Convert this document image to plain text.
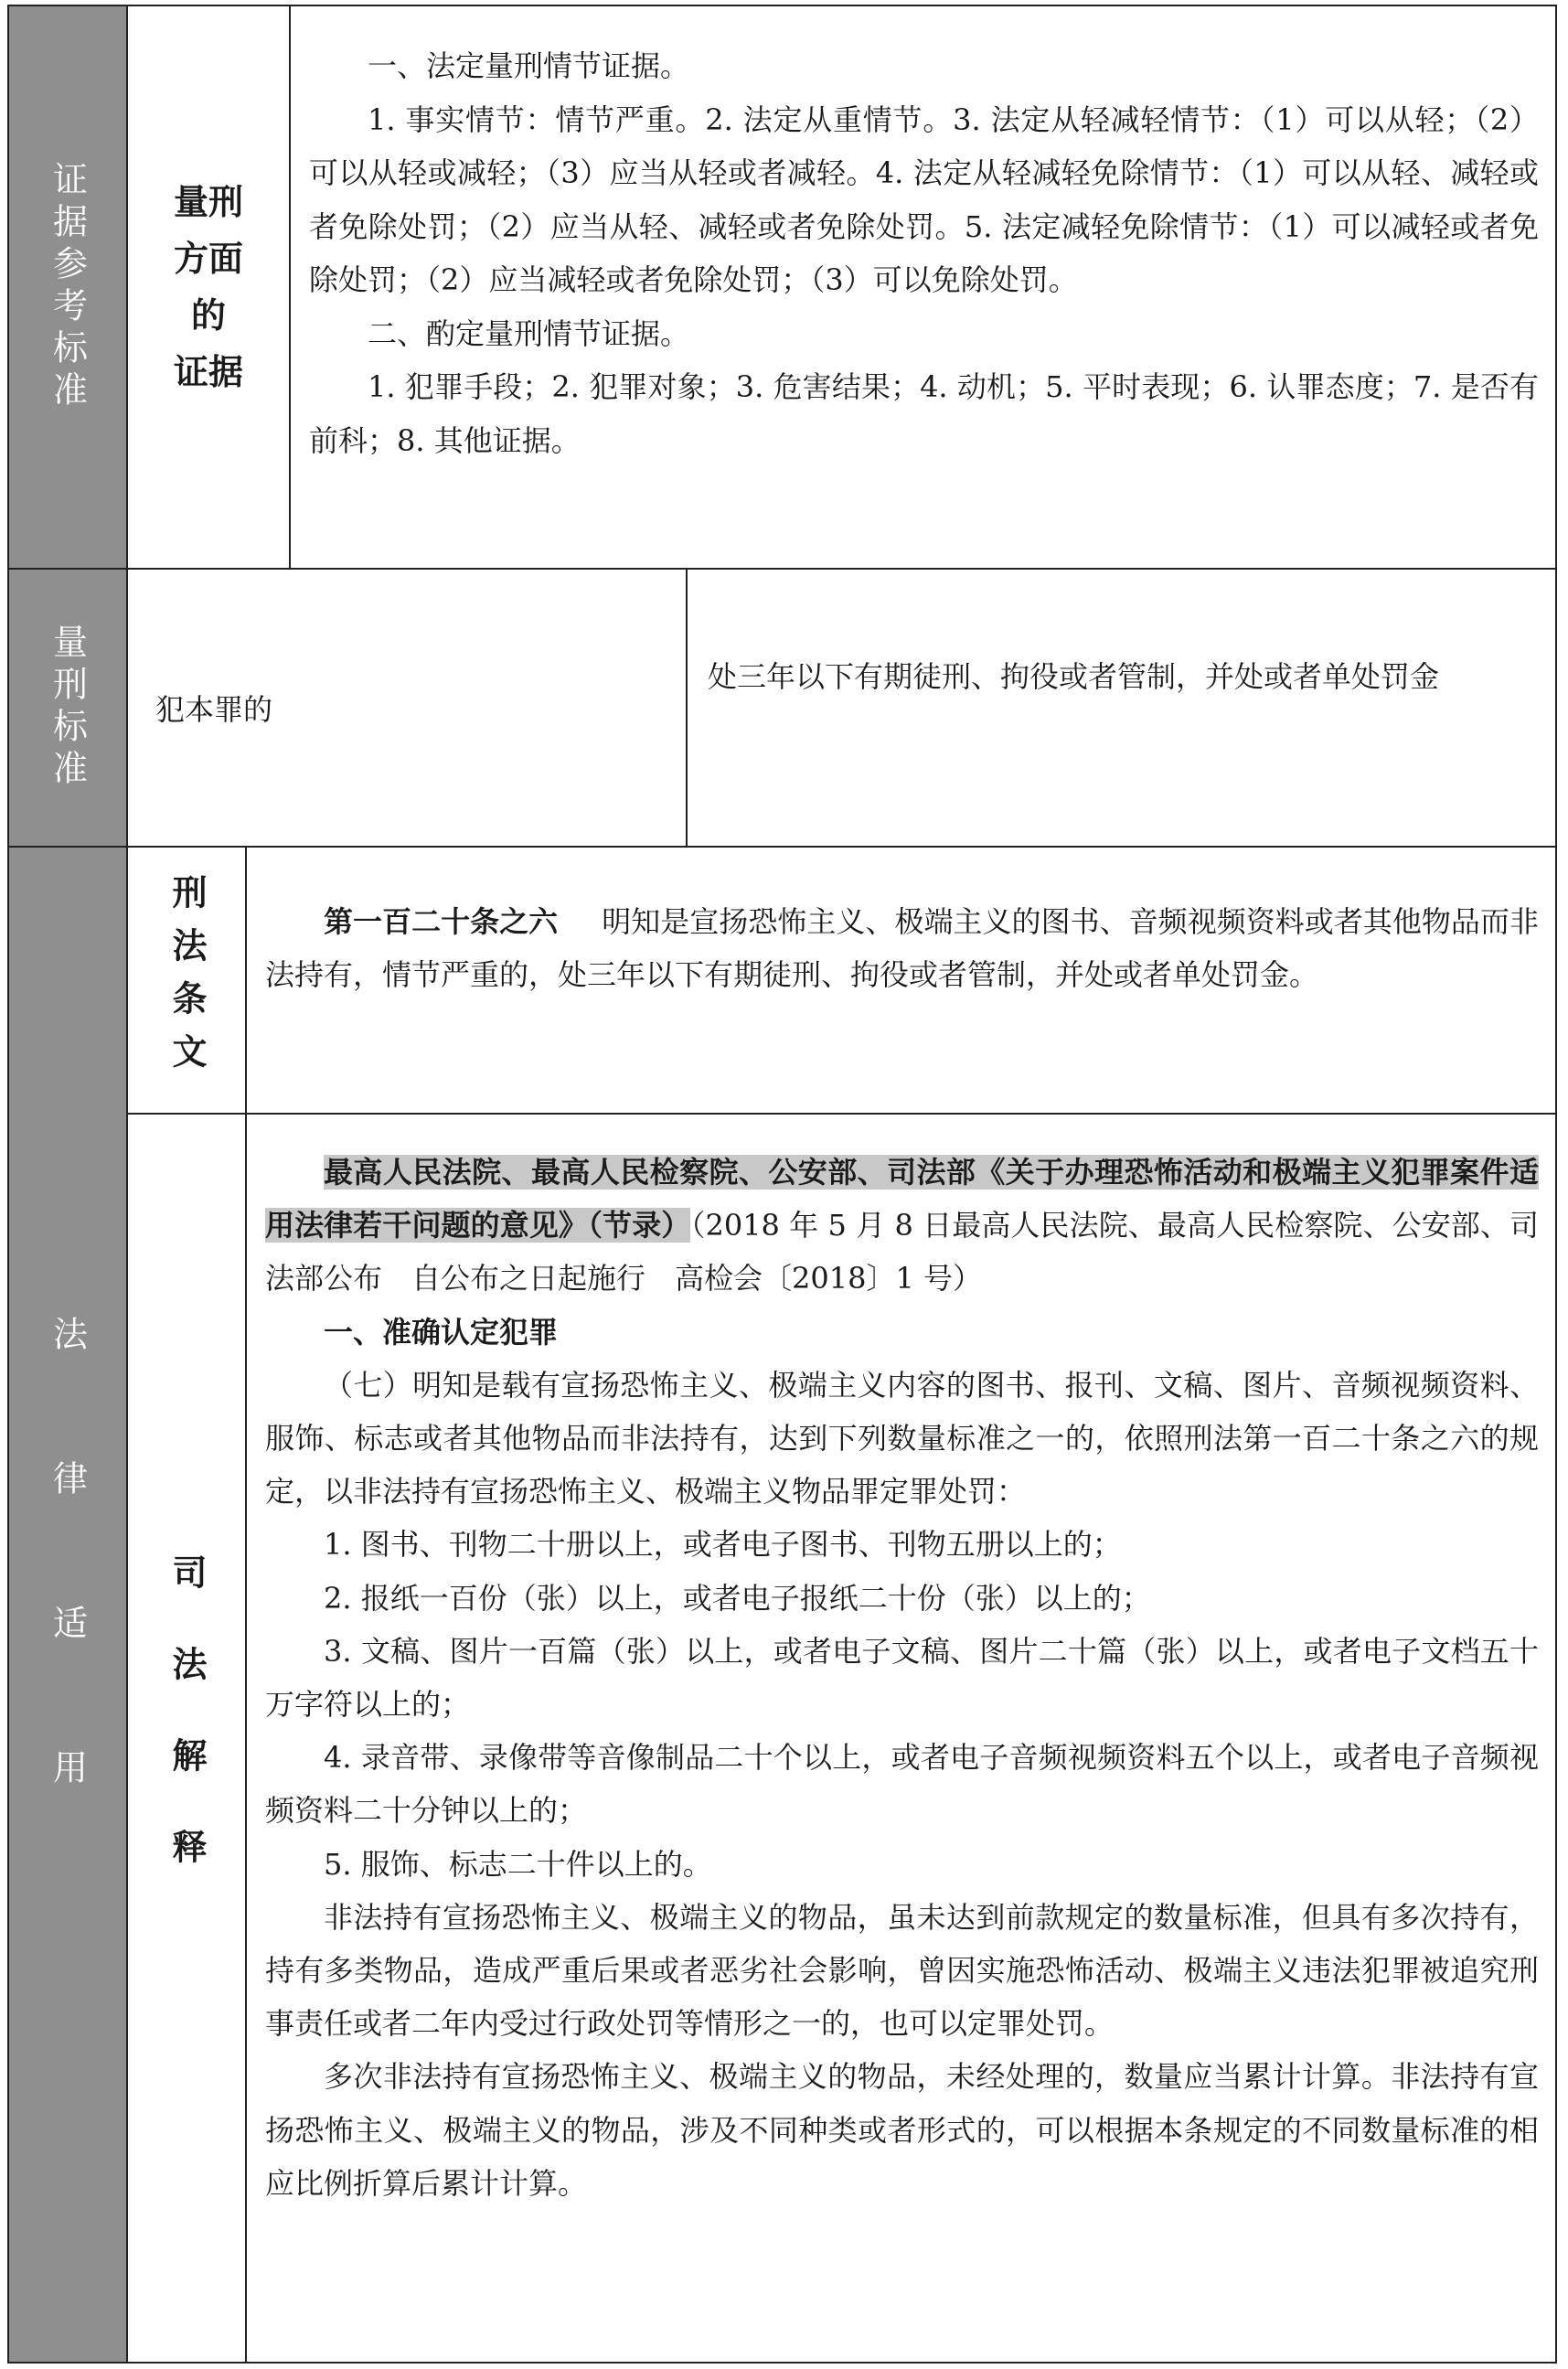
证据参考标准 量刑
方面
的
证据

一、法定量刑情节证据。

1. 事实情节：情节严重。2. 法定从重情节。3. 法定从轻减轻情节：（1）可以从轻；（2）可以从轻或减轻；（3）应当从轻或者减轻。4. 法定从轻减轻免除情节：（1）可以从轻、减轻或者免除处罚；（2）应当从轻、减轻或者免除处罚。5. 法定减轻免除情节：（1）可以减轻或者免除处罚；（2）应当减轻或者免除处罚；（3）可以免除处罚。

二、酌定量刑情节证据。

1. 犯罪手段；2. 犯罪对象；3. 危害结果；4. 动机；5. 平时表现；6. 认罪态度；7. 是否有前科；8. 其他证据。

量刑标准 犯本罪的
处三年以下有期徒刑、拘役或者管制，并处或者单处罚金
法律适用
刑法条文	第一百二十条之六 明知是宣扬恐怖主义、极端主义的图书、音频视频资料或者其他物品而非法持有，情节严重的，处三年以下有期徒刑、拘役或者管制，并处或者单处罚金。

司法解释

最高人民法院、最高人民检察院、公安部、司法部《关于办理恐怖活动和极端主义犯罪案件适用法律若干问题的意见》（节录）（2018 年 5 月 8 日最高人民法院、最高人民检察院、公安部、司法部公布　自公布之日起施行　高检会〔2018〕1 号）

一、准确认定犯罪

（七）明知是载有宣扬恐怖主义、极端主义内容的图书、报刊、文稿、图片、音频视频资料、服饰、标志或者其他物品而非法持有，达到下列数量标准之一的，依照刑法第一百二十条之六的规定，以非法持有宣扬恐怖主义、极端主义物品罪定罪处罚：

1. 图书、刊物二十册以上，或者电子图书、刊物五册以上的；

2. 报纸一百份（张）以上，或者电子报纸二十份（张）以上的；

3. 文稿、图片一百篇（张）以上，或者电子文稿、图片二十篇（张）以上，或者电子文档五十万字符以上的；

4. 录音带、录像带等音像制品二十个以上，或者电子音频视频资料五个以上，或者电子音频视频资料二十分钟以上的；

5. 服饰、标志二十件以上的。

非法持有宣扬恐怖主义、极端主义的物品，虽未达到前款规定的数量标准，但具有多次持有，持有多类物品，造成严重后果或者恶劣社会影响，曾因实施恐怖活动、极端主义违法犯罪被追究刑事责任或者二年内受过行政处罚等情形之一的，也可以定罪处罚。

多次非法持有宣扬恐怖主义、极端主义的物品，未经处理的，数量应当累计计算。非法持有宣扬恐怖主义、极端主义的物品，涉及不同种类或者形式的，可以根据本条规定的不同数量标准的相应比例折算后累计计算。
